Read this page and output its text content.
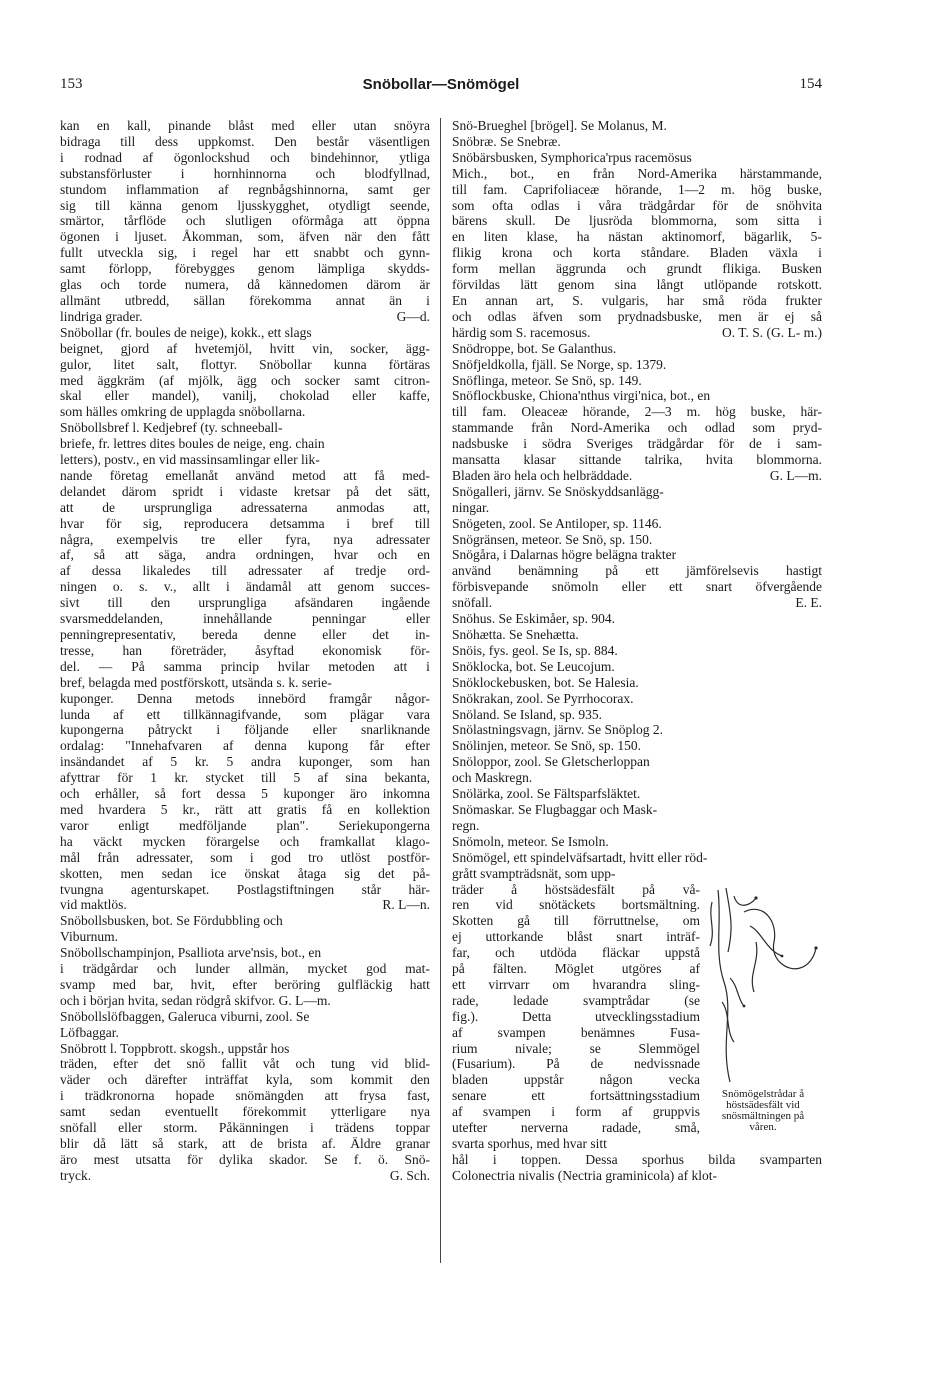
153	Snöbollar—Snömögel	154
kan en kall, pinande blåst med eller utan snöyra
bidraga till dess uppkomst. Den består väsentligen
i rodnad af ögonlockshud och bindehinnor, ytliga
substansförluster i hornhinnorna och blodfyllnad,
stundom inflammation af regnbågshinnorna, samt ger
sig till känna genom ljusskygghet, otydligt seende,
smärtor, tårflöde och slutligen oförmåga att öppna
ögonen i ljuset. Åkomman, som, äfven när den fått
fullt utveckla sig, i regel har ett snabbt och gynn-
samt förlopp, förebygges genom lämpliga skydds-
glas och torde numera, då kännedomen därom är
allmänt utbredd, sällan förekomma annat än i
lindriga grader.	G—d.
Snöbollar (fr. boules de neige), kokk., ett slags
beignet, gjord af hvetemjöl, hvitt vin, socker, ägg-
gulor, litet salt, flottyr. Snöbollar kunna förtäras
med äggkräm (af mjölk, ägg och socker samt citron-
skal eller mandel), vanilj, chokolad eller kaffe,
som hälles omkring de upplagda snöbollarna.
Snöbollsbref l. Kedjebref (ty. schneeball-
briefe, fr. lettres dites boules de neige, eng. chain
letters), postv., en vid massinsamlingar eller lik-
nande företag emellanåt använd metod att få med-
delandet därom spridt i vidaste kretsar på det sätt,
att de ursprungliga adressaterna anmodas att,
hvar för sig, reproducera detsamma i bref till
några, exempelvis tre eller fyra, nya adressater
af, så att säga, andra ordningen, hvar och en
af dessa likaledes till adressater af tredje ord-
ningen o. s. v., allt i ändamål att genom succes-
sivt till den ursprungliga afsändaren ingående
svarsmeddelanden,	innehållande	penningar	eller
penningrepresentativ, bereda denne eller det in-
tresse, han företräder, åsyftad ekonomisk för-
del. — På samma princip hvilar metoden att i
bref, belagda med postförskott, utsända s. k. serie-
kuponger. Denna metods innebörd framgår någor-
lunda af ett tillkännagifvande, som plägar vara
kupongerna påtryckt i följande eller snarliknande
ordalag: "Innehafvaren af denna kupong får efter
insändandet af 5 kr. 5 andra kuponger, som han
afyttrar för 1 kr. stycket till 5 af sina bekanta,
och erhåller, så fort dessa 5 kuponger äro inkomna
med hvardera 5 kr., rätt att gratis få en kollektion
varor enligt medföljande plan". Seriekupongerna
ha väckt mycken förargelse och framkallat klago-
mål från adressater, som i god tro utlöst postför-
skotten, men sedan ice önskat åtaga sig det på-
tvungna agenturskapet. Postlagstiftningen står här-
vid maktlös.	R. L—n.
Snöbollsbusken, bot. Se Fördubbling och
Viburnum.
Snöbollschampinjon, Psalliota arve'nsis, bot., en
i trädgårdar och lunder allmän, mycket god mat-
svamp med bar, hvit, efter beröring gulfläckig hatt
och i början hvita, sedan rödgrå skifvor. G. L—m.
Snöbollslöfbaggen, Galeruca viburni, zool. Se
Löfbaggar.
Snöbrott l. Toppbrott. skogsh., uppstår hos
träden, efter det snö fallit våt och tung vid blid-
väder och därefter inträffat kyla, som kommit den
i trädkronorna hopade snömängden att frysa fast,
samt sedan eventuellt förekommit ytterligare nya
snöfall eller storm. Påkänningen i trädens toppar
blir då lätt så stark, att de brista af. Äldre granar
äro mest utsatta för dylika skador. Se f. ö. Snö-
tryck.	G. Sch.
Snö-Brueghel [brögel]. Se Molanus, M.
Snöbræ. Se Snebræ.
Snöbärsbusken, Symphorica'rpus racemösus
Mich., bot., en från Nord-Amerika härstammande,
till fam. Caprifoliaceæ hörande, 1—2 m. hög buske,
som ofta odlas i våra trädgårdar för de snöhvita
bärens skull. De ljusröda blommorna, som sitta i
en liten klase, ha nästan aktinomorf, bägarlik, 5-
flikig krona och korta ståndare. Bladen växla i
form mellan äggrunda och grundt flikiga. Busken
förvildas lätt genom sina långt utlöpande rotskott.
En annan art, S. vulgaris, har små röda frukter
och odlas äfven som prydnadsbuske, men är ej så
härdig som S. racemosus.	O. T. S. (G. L- m.)
Snödroppe, bot. Se Galanthus.
Snöfjeldkolla, fjäll. Se Norge, sp. 1379.
Snöflinga, meteor. Se Snö, sp. 149.
Snöflockbuske, Chiona'nthus virgi'nica, bot., en
till fam. Oleaceæ hörande, 2—3 m. hög buske, här-
stammande från Nord-Amerika och odlad som pryd-
nadsbuske i södra Sveriges trädgårdar för de i sam-
mansatta klasar sittande talrika, hvita blommorna.
Bladen äro hela och helbräddade.	G. L—m.
Snögalleri, järnv. Se Snöskyddsanlägg-
ningar.
Snögeten, zool. Se Antiloper, sp. 1146.
Snögränsen, meteor. Se Snö, sp. 150.
Snögåra, i Dalarnas högre belägna trakter
använd benämning på ett jämförelsevis hastigt
förbisvepande snömoln eller ett snart öfvergående
snöfall.	E. E.
Snöhus. Se Eskimåer, sp. 904.
Snöhætta. Se Snehætta.
Snöis, fys. geol. Se Is, sp. 884.
Snöklocka, bot. Se Leucojum.
Snöklockebusken, bot. Se Halesia.
Snökrakan, zool. Se Pyrrhocorax.
Snöland. Se Island, sp. 935.
Snölastningsvagn, järnv. Se Snöplog 2.
Snölinjen, meteor. Se Snö, sp. 150.
Snöloppor, zool. Se Gletscherloppan
och Maskregn.
Snölärka, zool. Se Fältsparfsläktet.
Snömaskar. Se Flugbaggar och Mask-
regn.
Snömoln, meteor. Se Ismoln.
Snömögel, ett spindelväfsartadt, hvitt eller röd-
grått svampträdsnät, som upp-
träder å höstsädesfält på vå-
ren vid snötäckets bortsmältning.
Skotten gå till förruttnelse, om
ej uttorkande blåst snart inträf-
far, och utdöda fläckar uppstå
på fälten. Möglet utgöres af
ett virrvarr om hvarandra sling-
rade,	ledade	svamptrådar	(se
fig.).	Detta	utvecklingsstadium
af	svampen	benämnes	Fusa-
rium	nivale;	se	Slemmögel
(Fusarium). På de nedvissnade
bladen	uppstår	någon	vecka
senare	ett	fortsättningsstadium
af svampen i form af gruppvis
utefter nerverna radade, små,
svarta sporhus, med hvar sitt
Snömögelstrådar å
höstsädesfält vid
snösmältningen på
våren.
hål i toppen. Dessa sporhus bilda svamparten
Colonectria nivalis (Nectria graminicola) af klot-
